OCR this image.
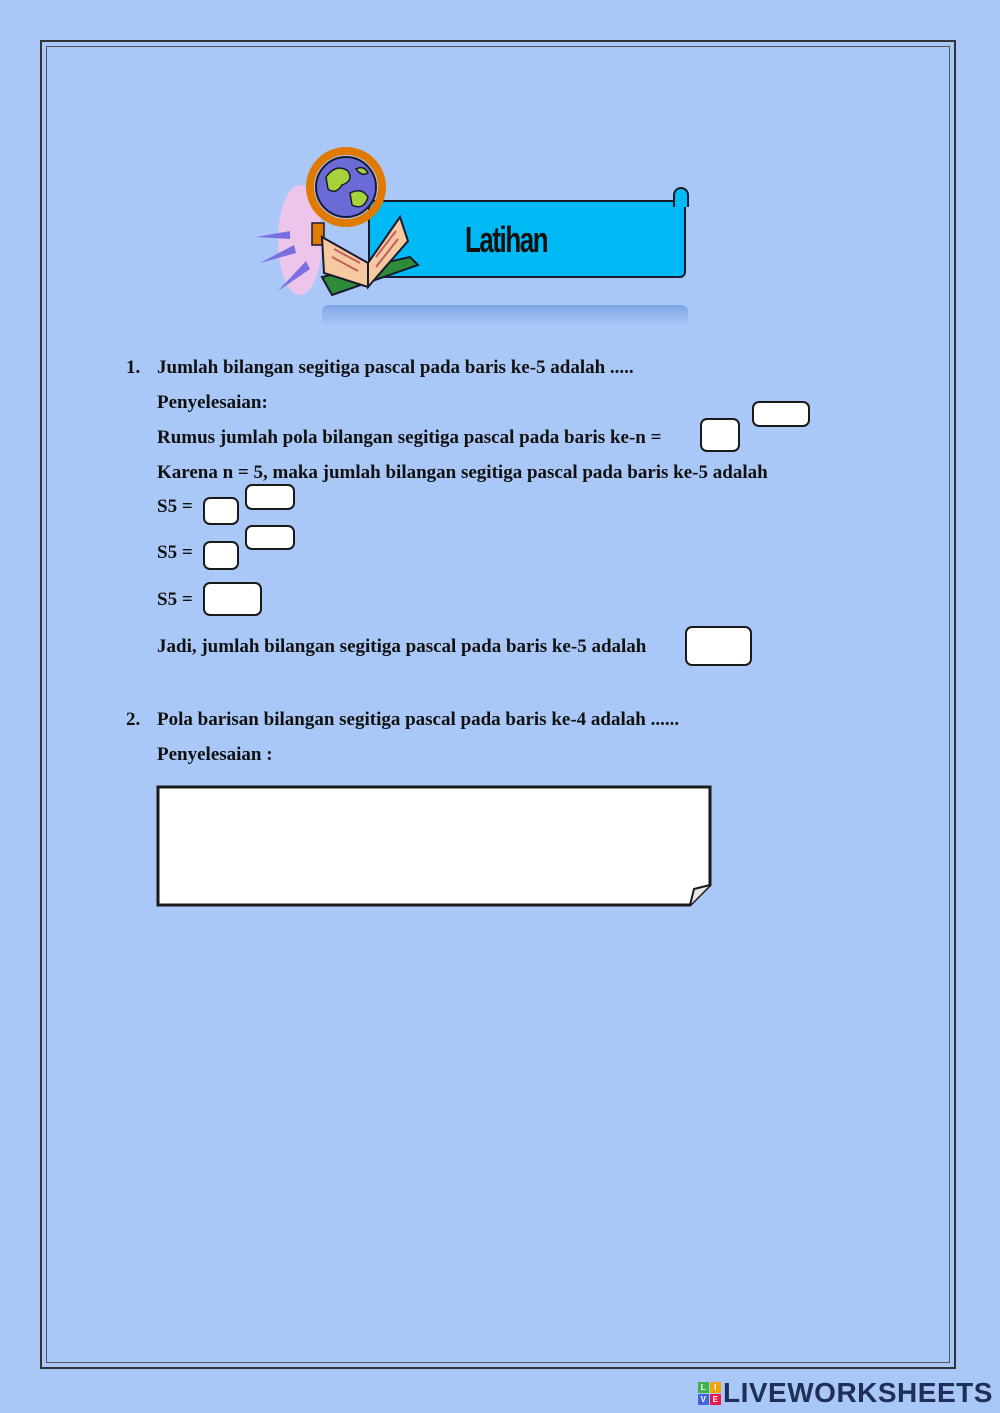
Latihan
1. Jumlah bilangan segitiga pascal pada baris ke-5 adalah .....
Penyelesaian:
Rumus jumlah pola bilangan segitiga pascal pada baris ke-n =
Karena n = 5, maka jumlah bilangan segitiga pascal pada baris ke-5 adalah
S5 =
S5 =
S5 =
Jadi, jumlah bilangan segitiga pascal pada baris ke-5 adalah
2. Pola barisan bilangan segitiga pascal pada baris ke-4 adalah ......
Penyelesaian :
L I
V E LIVEWORKSHEETS
